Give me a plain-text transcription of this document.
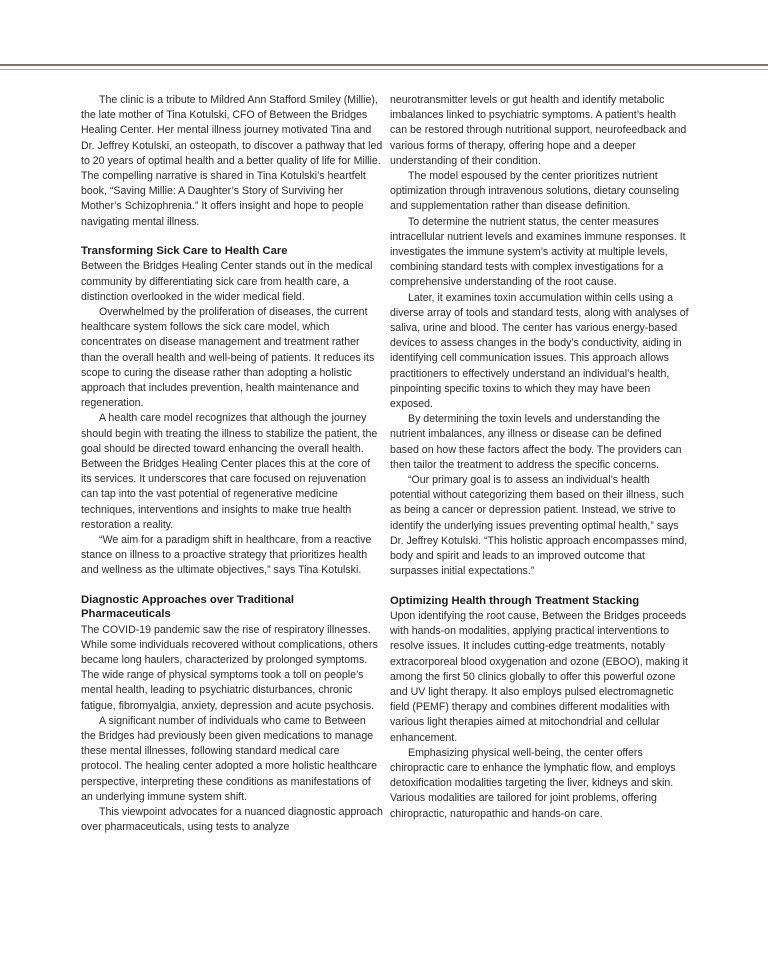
The clinic is a tribute to Mildred Ann Stafford Smiley (Millie), the late mother of Tina Kotulski, CFO of Between the Bridges Healing Center. Her mental illness journey motivated Tina and Dr. Jeffrey Kotulski, an osteopath, to discover a pathway that led to 20 years of optimal health and a better quality of life for Millie. The compelling narrative is shared in Tina Kotulski’s heartfelt book, “Saving Millie: A Daughter’s Story of Surviving her Mother’s Schizophrenia.” It offers insight and hope to people navigating mental illness.

Transforming Sick Care to Health Care

Between the Bridges Healing Center stands out in the medical community by differentiating sick care from health care, a distinction overlooked in the wider medical field.

Overwhelmed by the proliferation of diseases, the current healthcare system follows the sick care model, which concentrates on disease management and treatment rather than the overall health and well-being of patients. It reduces its scope to curing the disease rather than adopting a holistic approach that includes prevention, health maintenance and regeneration.

A health care model recognizes that although the journey should begin with treating the illness to stabilize the patient, the goal should be directed toward enhancing the overall health. Between the Bridges Healing Center places this at the core of its services. It underscores that care focused on rejuvenation can tap into the vast potential of regenerative medicine techniques, interventions and insights to make true health restoration a reality.

“We aim for a paradigm shift in healthcare, from a reactive stance on illness to a proactive strategy that prioritizes health and wellness as the ultimate objectives,” says Tina Kotulski.

Diagnostic Approaches over Traditional Pharmaceuticals

The COVID-19 pandemic saw the rise of respiratory illnesses. While some individuals recovered without complications, others became long haulers, characterized by prolonged symptoms. The wide range of physical symptoms took a toll on people’s mental health, leading to psychiatric disturbances, chronic fatigue, fibromyalgia, anxiety, depression and acute psychosis.

A significant number of individuals who came to Between the Bridges had previously been given medications to manage these mental illnesses, following standard medical care protocol. The healing center adopted a more holistic healthcare perspective, interpreting these conditions as manifestations of an underlying immune system shift.

This viewpoint advocates for a nuanced diagnostic approach over pharmaceuticals, using tests to analyze

neurotransmitter levels or gut health and identify metabolic imbalances linked to psychiatric symptoms. A patient’s health can be restored through nutritional support, neurofeedback and various forms of therapy, offering hope and a deeper understanding of their condition.

The model espoused by the center prioritizes nutrient optimization through intravenous solutions, dietary counseling and supplementation rather than disease definition.

To determine the nutrient status, the center measures intracellular nutrient levels and examines immune responses. It investigates the immune system’s activity at multiple levels, combining standard tests with complex investigations for a comprehensive understanding of the root cause.

Later, it examines toxin accumulation within cells using a diverse array of tools and standard tests, along with analyses of saliva, urine and blood. The center has various energy-based devices to assess changes in the body’s conductivity, aiding in identifying cell communication issues. This approach allows practitioners to effectively understand an individual’s health, pinpointing specific toxins to which they may have been exposed.

By determining the toxin levels and understanding the nutrient imbalances, any illness or disease can be defined based on how these factors affect the body. The providers can then tailor the treatment to address the specific concerns.

“Our primary goal is to assess an individual’s health potential without categorizing them based on their illness, such as being a cancer or depression patient. Instead, we strive to identify the underlying issues preventing optimal health,” says Dr. Jeffrey Kotulski. “This holistic approach encompasses mind, body and spirit and leads to an improved outcome that surpasses initial expectations.”

Optimizing Health through Treatment Stacking

Upon identifying the root cause, Between the Bridges proceeds with hands-on modalities, applying practical interventions to resolve issues. It includes cutting-edge treatments, notably extracorporeal blood oxygenation and ozone (EBOO), making it among the first 50 clinics globally to offer this powerful ozone and UV light therapy. It also employs pulsed electromagnetic field (PEMF) therapy and combines different modalities with various light therapies aimed at mitochondrial and cellular enhancement.

Emphasizing physical well-being, the center offers chiropractic care to enhance the lymphatic flow, and employs detoxification modalities targeting the liver, kidneys and skin. Various modalities are tailored for joint problems, offering chiropractic, naturopathic and hands-on care.
